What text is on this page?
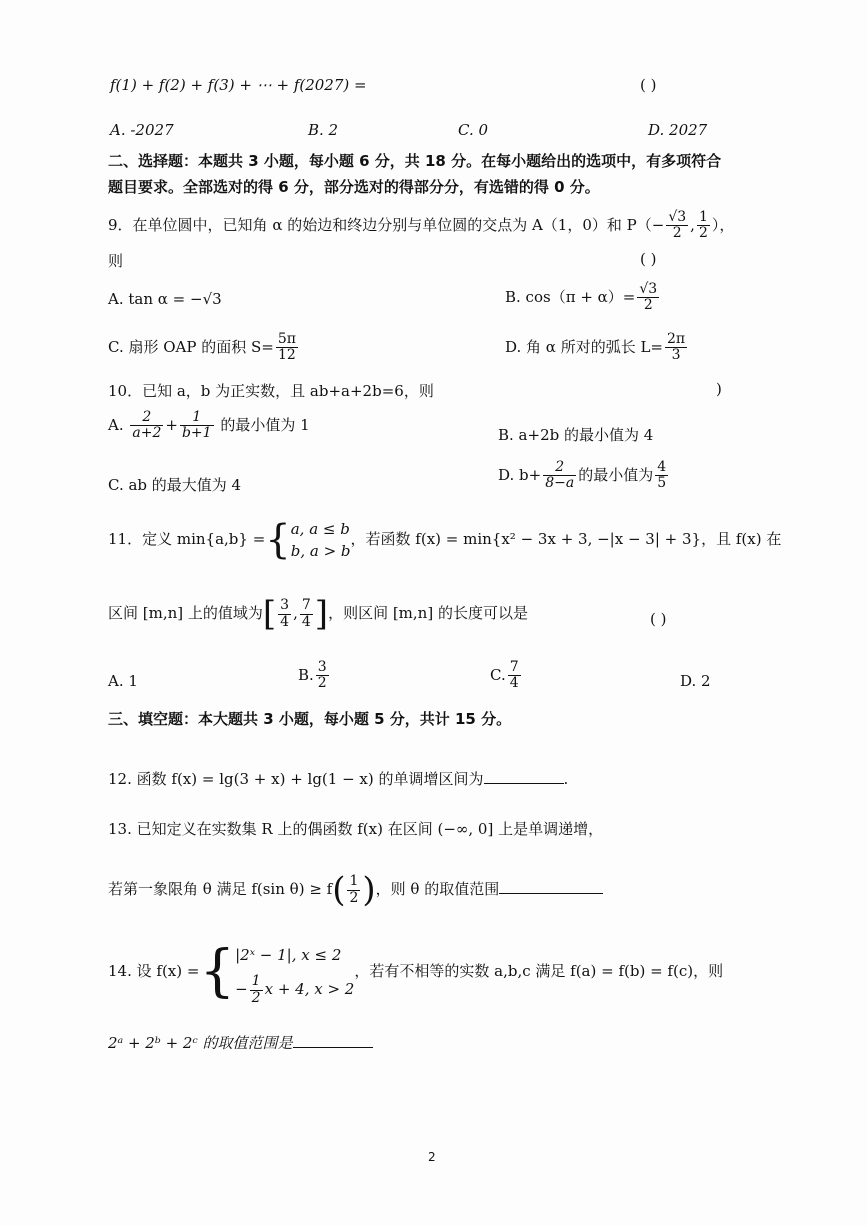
f(1) + f(2) + f(3) + ⋯ + f(2027) =	( )
A. -2027	B. 2	C. 0	D. 2027
二、选择题：本题共 3 小题，每小题 6 分，共 18 分。在每小题给出的选项中，有多项符合
题目要求。全部选对的得 6 分，部分选对的得部分分，有选错的得 0 分。
9．在单位圆中，已知角 α 的始边和终边分别与单位圆的交点为 A（1，0）和 $P(- \frac{√3}{2}$ , $\frac{1}{2}$ ），
则	( )
A. tan α = −√3	B. $\cos(\pi + \alpha)= \frac{√3}{2}$
C. 扇形 OAP 的面积 $S= \frac{5\pi}{12}$	D. 角 α 所对的弧长 $L= \frac{2\pi}{3}$
10．已知 a，b 为正实数，且 ab+a+2b=6，则	)
A. $\frac{2}{a+2} + \frac{1}{b+1}$ 的最小值为 1
B. a+2b 的最小值为 4
C. ab 的最大值为 4
D. $b+ \frac{2}{8-a}$ 的最小值为 $\frac{4}{5}$
11．定义 min{a,b} ={ a, a ≤ b
b, a > b
，若函数 f(x) = min{x² − 3x + 3, −|x − 3| + 3}，且 f(x) 在
区间 [m,n] 上的值域为[ $\frac{3}{4}$ , $\frac{7}{4}$ ]，则区间 [m,n] 的长度可以是	( )
A. 1	B. $\frac{3}{2}$	C. $\frac{7}{4}$	D. 2
三、填空题：本大题共 3 小题，每小题 5 分，共计 15 分。
12. 函数 f(x) = lg(3 + x) + lg(1 − x) 的单调增区间为	.
13. 已知定义在实数集 R 上的偶函数 f(x) 在区间 (−∞, 0] 上是单调递增，
若第一象限角 θ 满足 f(sin $\theta) \ge f( \frac{1}{2}$ )，则 θ 的取值范围
14. 设 f(x) ={ |2ˣ − 1|, x ≤ 2
− $\frac{1}{2}$ x + 4, x > 2
，若有不相等的实数 a,b,c 满足 f(a) = f(b) = f(c)，则
2ᵃ + 2ᵇ + 2ᶜ 的取值范围是
2
